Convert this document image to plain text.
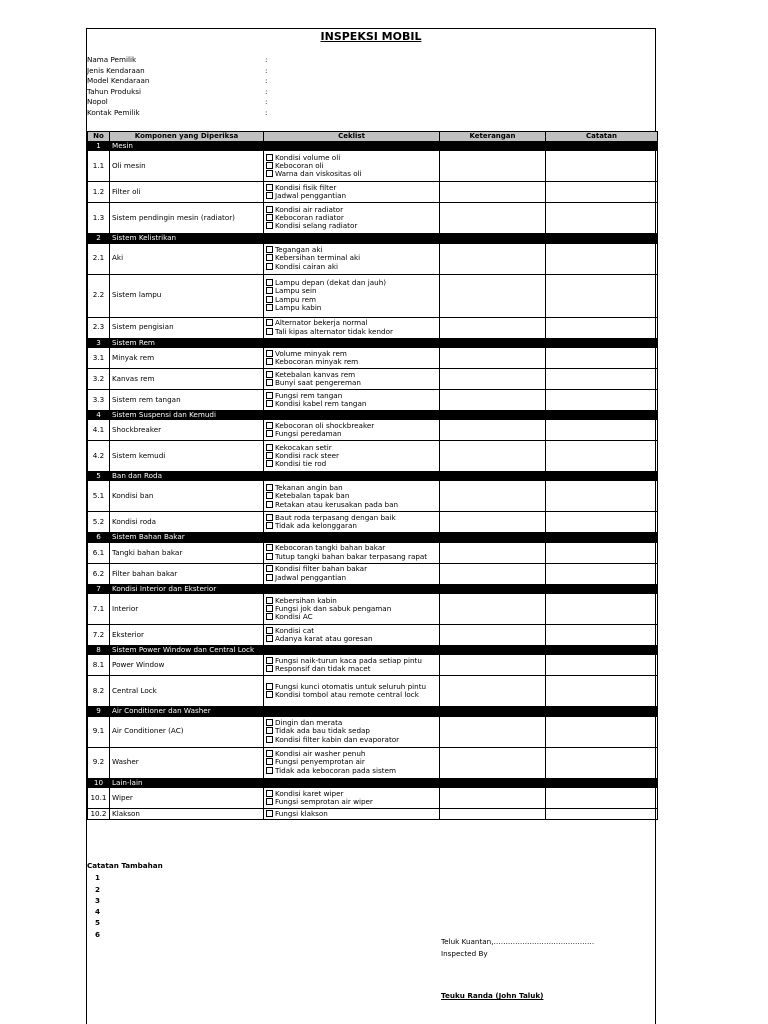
INSPEKSI MOBIL
Nama Pemilik	:
Jenis Kendaraan	:
Model Kendaraan	:
Tahun Produksi	:
Nopol	:
Kontak Pemilik	:
No	Komponen yang Diperiksa	Ceklist	Keterangan	Catatan
1	Mesin			
1.1	Oli mesin	Kondisi volume oli
Kebocoran oli
Warna dan viskositas oli		

1.2	Filter oli	Kondisi fisik filter
Jadwal penggantian		

1.3	Sistem pendingin mesin (radiator)	Kondisi air radiator
Kebocoran radiator
Kondisi selang radiator		

2	Sistem Kelistrikan			
2.1	Aki	Tegangan aki
Kebersihan terminal aki
Kondisi cairan aki		

2.2	Sistem lampu	Lampu depan (dekat dan jauh)
Lampu sein
Lampu rem
Lampu kabin		

2.3	Sistem pengisian	Alternator bekerja normal
Tali kipas alternator tidak kendor		

3	Sistem Rem			
3.1	Minyak rem	Volume minyak rem
Kebocoran minyak rem		

3.2	Kanvas rem	Ketebalan kanvas rem
Bunyi saat pengereman		

3.3	Sistem rem tangan	Fungsi rem tangan
Kondisi kabel rem tangan		

4	Sistem Suspensi dan Kemudi			
4.1	Shockbreaker	Kebocoran oli shockbreaker
Fungsi peredaman		

4.2	Sistem kemudi	Kekocakan setir
Kondisi rack steer
Kondisi tie rod		

5	Ban dan Roda			
5.1	Kondisi ban	Tekanan angin ban
Ketebalan tapak ban
Retakan atau kerusakan pada ban		

5.2	Kondisi roda	Baut roda terpasang dengan baik
Tidak ada kelonggaran		

6	Sistem Bahan Bakar			
6.1	Tangki bahan bakar	Kebocoran tangki bahan bakar
Tutup tangki bahan bakar terpasang rapat		

6.2	Filter bahan bakar	Kondisi filter bahan bakar
Jadwal penggantian		

7	Kondisi Interior dan Eksterior			
7.1	Interior	Kebersihan kabin
Fungsi jok dan sabuk pengaman
Kondisi AC		

7.2	Eksterior	Kondisi cat
Adanya karat atau goresan		

8	Sistem Power Window dan Central Lock			
8.1	Power Window	Fungsi naik-turun kaca pada setiap pintu
Responsif dan tidak macet		

8.2	Central Lock	Fungsi kunci otomatis untuk seluruh pintu
Kondisi tombol atau remote central lock		

9	Air Conditioner dan Washer			
9.1	Air Conditioner (AC)	Dingin dan merata
Tidak ada bau tidak sedap
Kondisi filter kabin dan evaporator		

9.2	Washer	Kondisi air washer penuh
Fungsi penyemprotan air
Tidak ada kebocoran pada sistem		

10	Lain-lain			
10.1	Wiper	Kondisi karet wiper
Fungsi semprotan air wiper		

10.2	Klakson	Fungsi klakson		

Catatan Tambahan
1
2
3
4
5
6
Teluk Kuantan,……………………………………
Inspected By
Teuku Randa (John Taluk)
